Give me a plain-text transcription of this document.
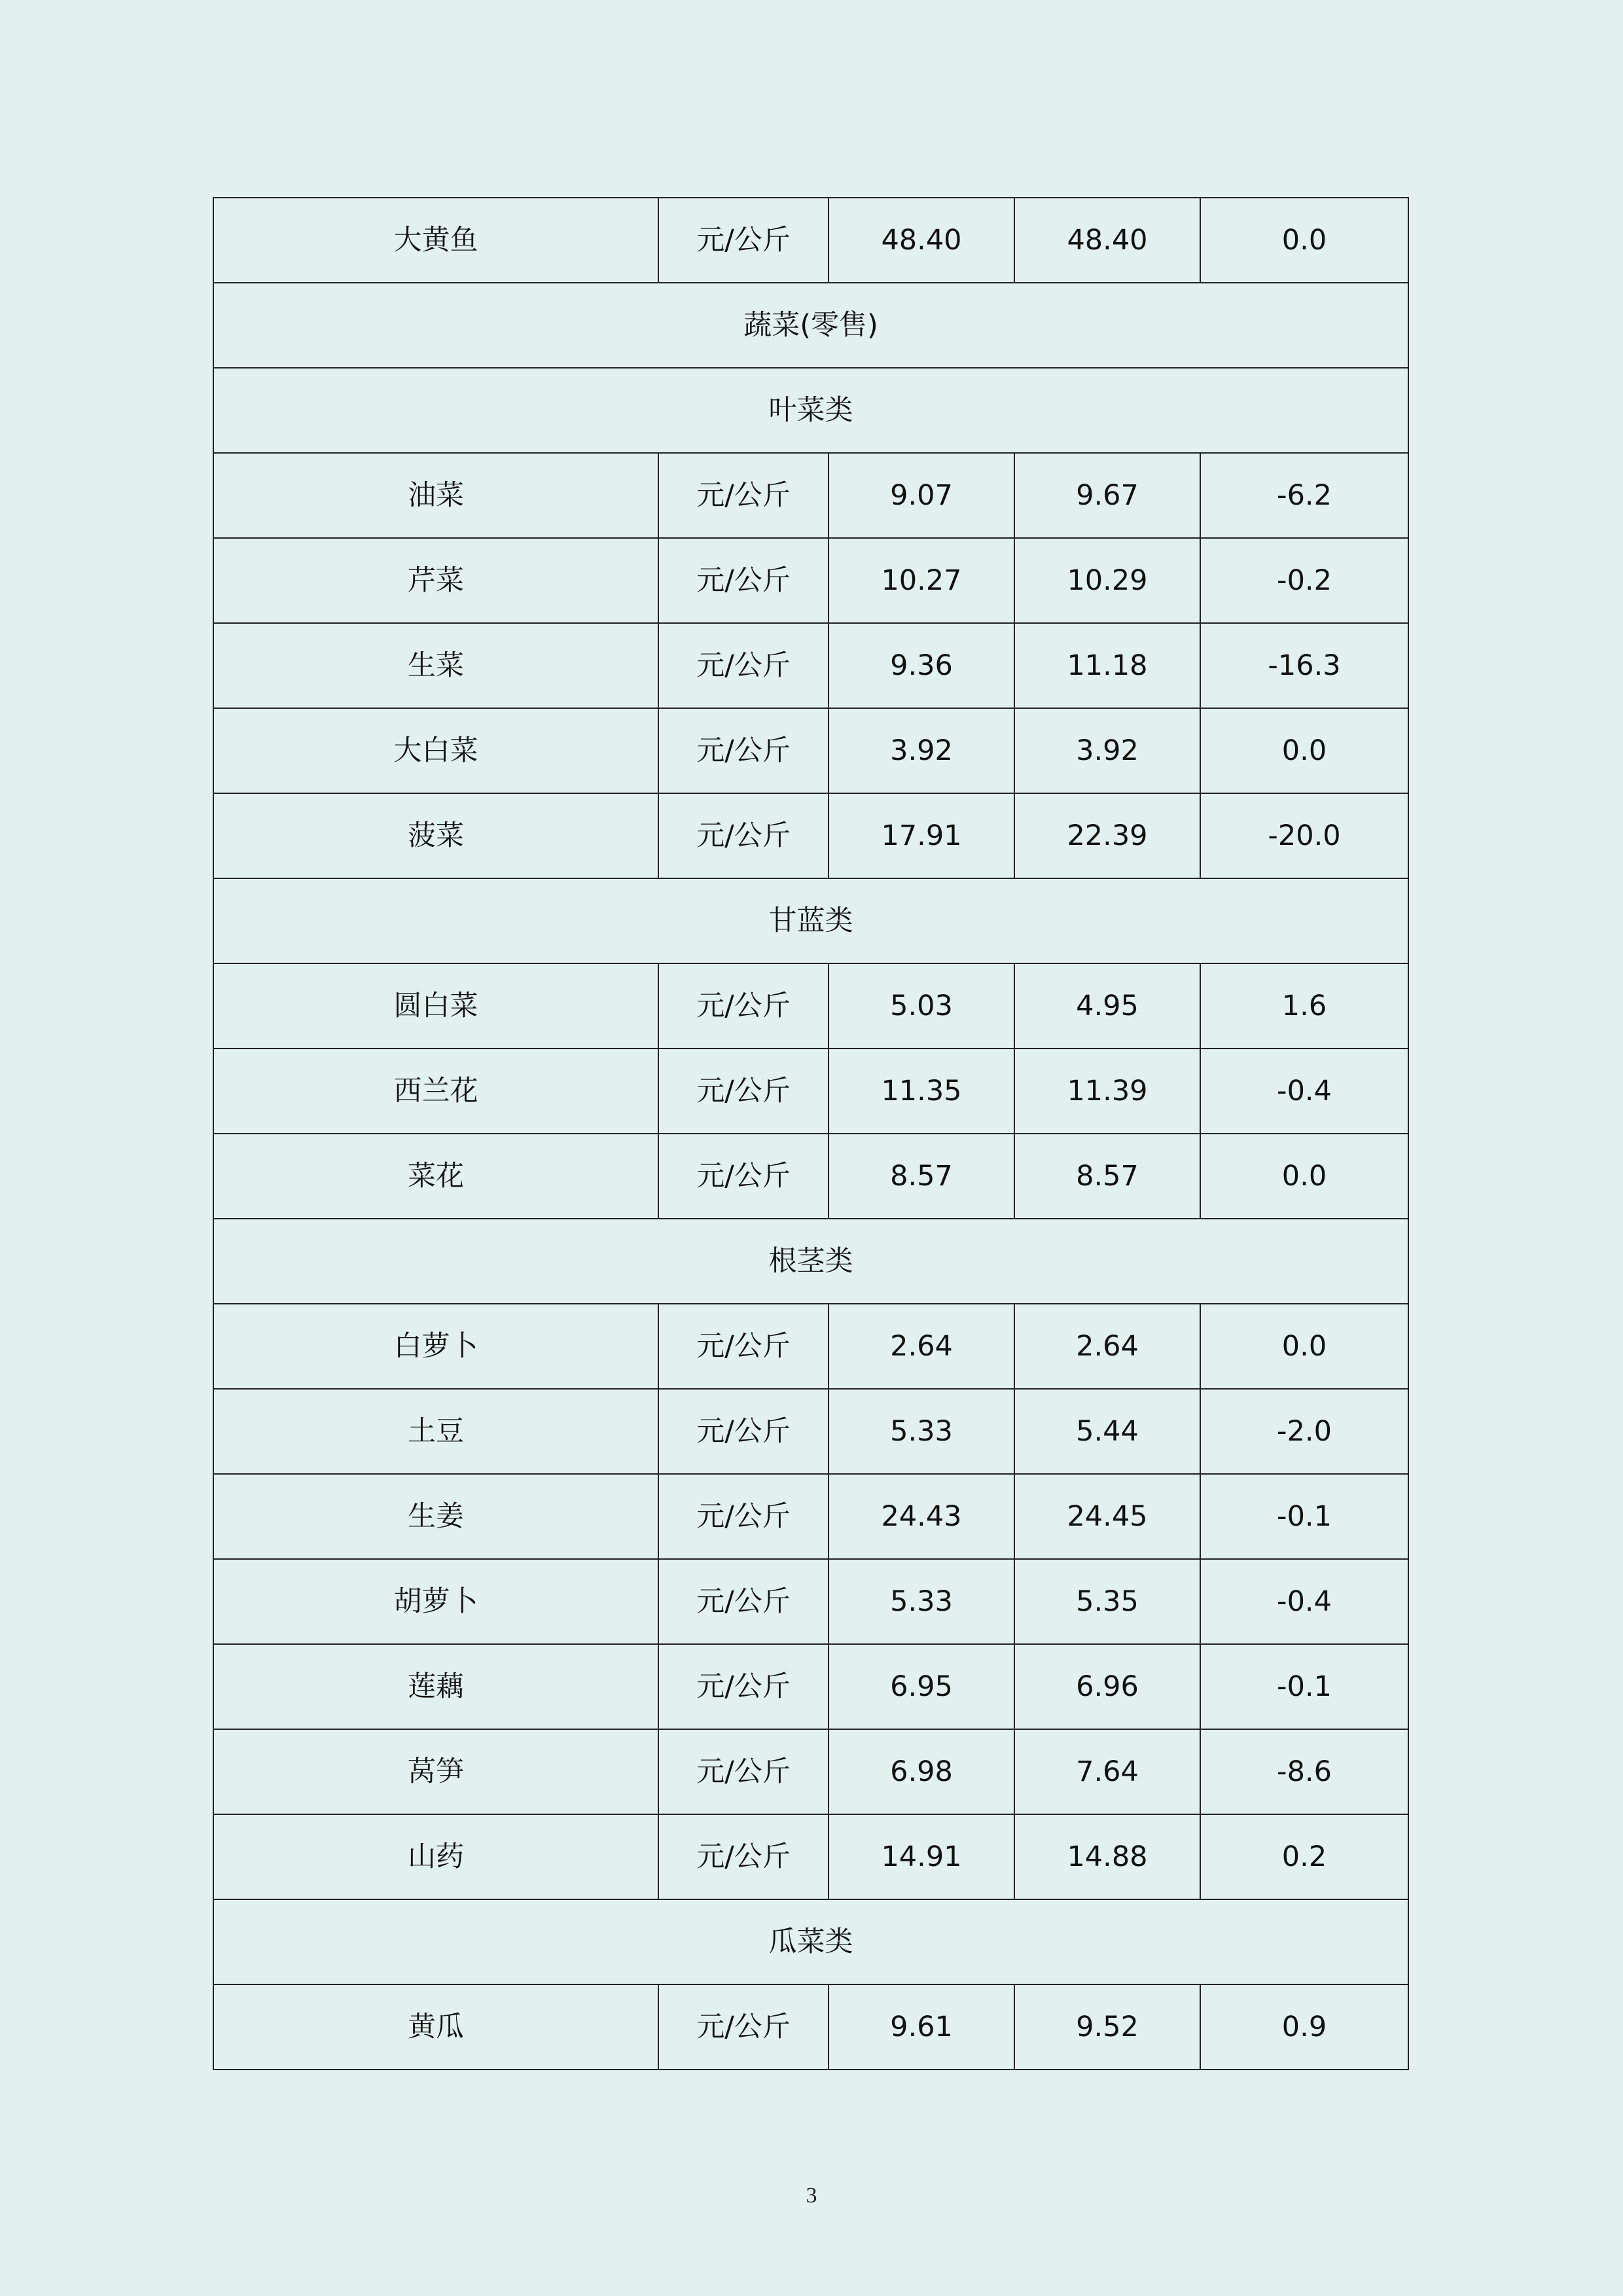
大黄鱼	元/公斤	48.40	48.40	0.0
蔬菜(零售)				
叶菜类				
油菜	元/公斤	9.07	9.67	-6.2
芹菜	元/公斤	10.27	10.29	-0.2
生菜	元/公斤	9.36	11.18	-16.3
大白菜	元/公斤	3.92	3.92	0.0
菠菜	元/公斤	17.91	22.39	-20.0
甘蓝类				
圆白菜	元/公斤	5.03	4.95	1.6
西兰花	元/公斤	11.35	11.39	-0.4
菜花	元/公斤	8.57	8.57	0.0
根茎类				
白萝卜	元/公斤	2.64	2.64	0.0
土豆	元/公斤	5.33	5.44	-2.0
生姜	元/公斤	24.43	24.45	-0.1
胡萝卜	元/公斤	5.33	5.35	-0.4
莲藕	元/公斤	6.95	6.96	-0.1
莴笋	元/公斤	6.98	7.64	-8.6
山药	元/公斤	14.91	14.88	0.2
瓜菜类				
黄瓜	元/公斤	9.61	9.52	0.9
3
